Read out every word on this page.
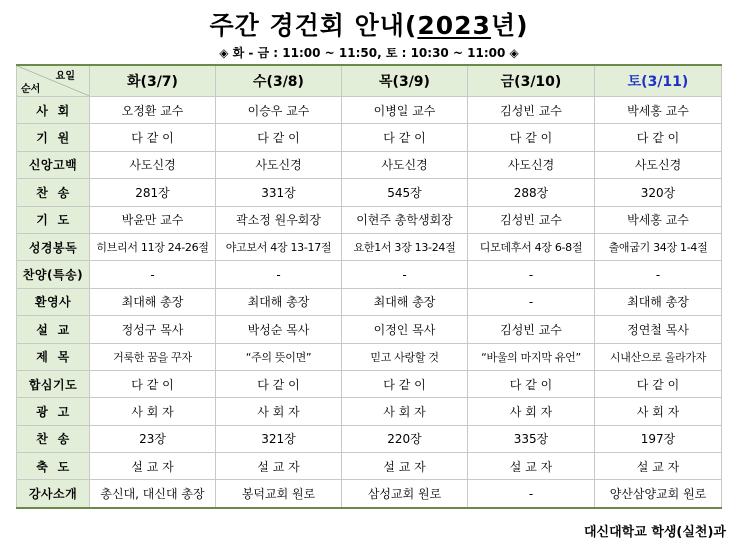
주간 경건회 안내(2023년)
◈ 화 - 금 : 11:00 ~ 11:50, 토 : 10:30 ~ 11:00 ◈
요일
순서	화(3/7)	수(3/8)	목(3/9)	금(3/10)	토(3/11)
사  회	오정환 교수	이승우 교수	이병일 교수	김성빈 교수	박세홍 교수
기  원	다 같 이	다 같 이	다 같 이	다 같 이	다 같 이
신앙고백	사도신경	사도신경	사도신경	사도신경	사도신경
찬  송	281장	331장	545장	288장	320장
기  도	박윤만 교수	곽소정 원우회장	이현주 총학생회장	김성빈 교수	박세홍 교수
성경봉독	히브리서 11장 24-26절	야고보서 4장 13-17절	요한1서 3장 13-24절	디모데후서 4장 6-8절	출애굽기 34장 1-4절
찬양(특송)	-	-	-	-	-
환영사	최대해 총장	최대해 총장	최대해 총장	-	최대해 총장
설  교	정성구 목사	박성순 목사	이정인 목사	김성빈 교수	정연철 목사
제  목	거룩한 꿈을 꾸자	“주의 뜻이면”	믿고 사랑할 것	“바울의 마지막 유언”	시내산으로 올라가자
합심기도	다 같 이	다 같 이	다 같 이	다 같 이	다 같 이
광  고	사 회 자	사 회 자	사 회 자	사 회 자	사 회 자
찬  송	23장	321장	220장	335장	197장
축  도	설 교 자	설 교 자	설 교 자	설 교 자	설 교 자
강사소개	총신대, 대신대 총장	봉덕교회 원로	삼성교회 원로	-	양산삼양교회 원로
대신대학교 학생(실천)과
